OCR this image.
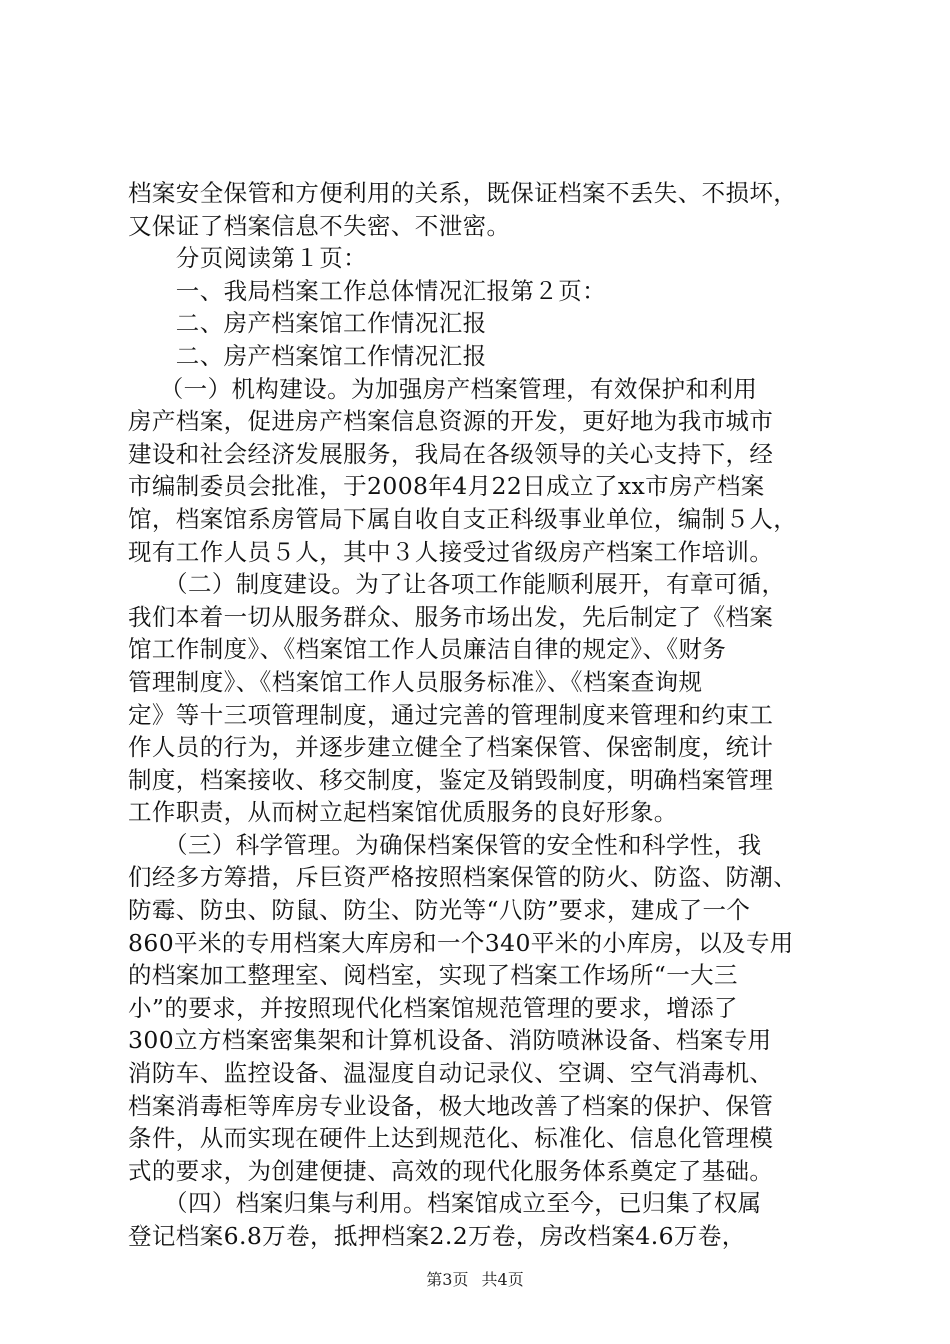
档案安全保管和方便利用的关系，既保证档案不丢失、不损坏，
又保证了档案信息不失密、不泄密。
　　分页阅读第１页：
　　一、我局档案工作总体情况汇报第２页：
　　二、房产档案馆工作情况汇报
　　二、房产档案馆工作情况汇报
　 （一）机构建设。为加强房产档案管理，有效保护和利用
房产档案，促进房产档案信息资源的开发，更好地为我市城市
建设和社会经济发展服务，我局在各级领导的关心支持下，经
市编制委员会批准，于2008年4月22日成立了xx市房产档案
馆，档案馆系房管局下属自收自支正科级事业单位，编制５人，
现有工作人员５人，其中３人接受过省级房产档案工作培训。
　　（二）制度建设。为了让各项工作能顺利展开，有章可循，
我们本着一切从服务群众、服务市场出发，先后制定了《档案
馆工作制度》、《档案馆工作人员廉洁自律的规定》、《财务
管理制度》、《档案馆工作人员服务标准》、《档案查询规
定》等十三项管理制度，通过完善的管理制度来管理和约束工
作人员的行为，并逐步建立健全了档案保管、保密制度，统计
制度，档案接收、移交制度，鉴定及销毁制度，明确档案管理
工作职责，从而树立起档案馆优质服务的良好形象。
　　（三）科学管理。为确保档案保管的安全性和科学性，我
们经多方筹措，斥巨资严格按照档案保管的防火、防盗、防潮、
防霉、防虫、防鼠、防尘、防光等“八防”要求，建成了一个
860平米的专用档案大库房和一个340平米的小库房，以及专用
的档案加工整理室、阅档室，实现了档案工作场所“一大三
小”的要求，并按照现代化档案馆规范管理的要求，增添了
300立方档案密集架和计算机设备、消防喷淋设备、档案专用
消防车、监控设备、温湿度自动记录仪、空调、空气消毒机、
档案消毒柜等库房专业设备，极大地改善了档案的保护、保管
条件，从而实现在硬件上达到规范化、标准化、信息化管理模
式的要求，为创建便捷、高效的现代化服务体系奠定了基础。
　　（四）档案归集与利用。档案馆成立至今，已归集了权属
登记档案6.8万卷，抵押档案2.2万卷，房改档案4.6万卷，
第3页 共4页
